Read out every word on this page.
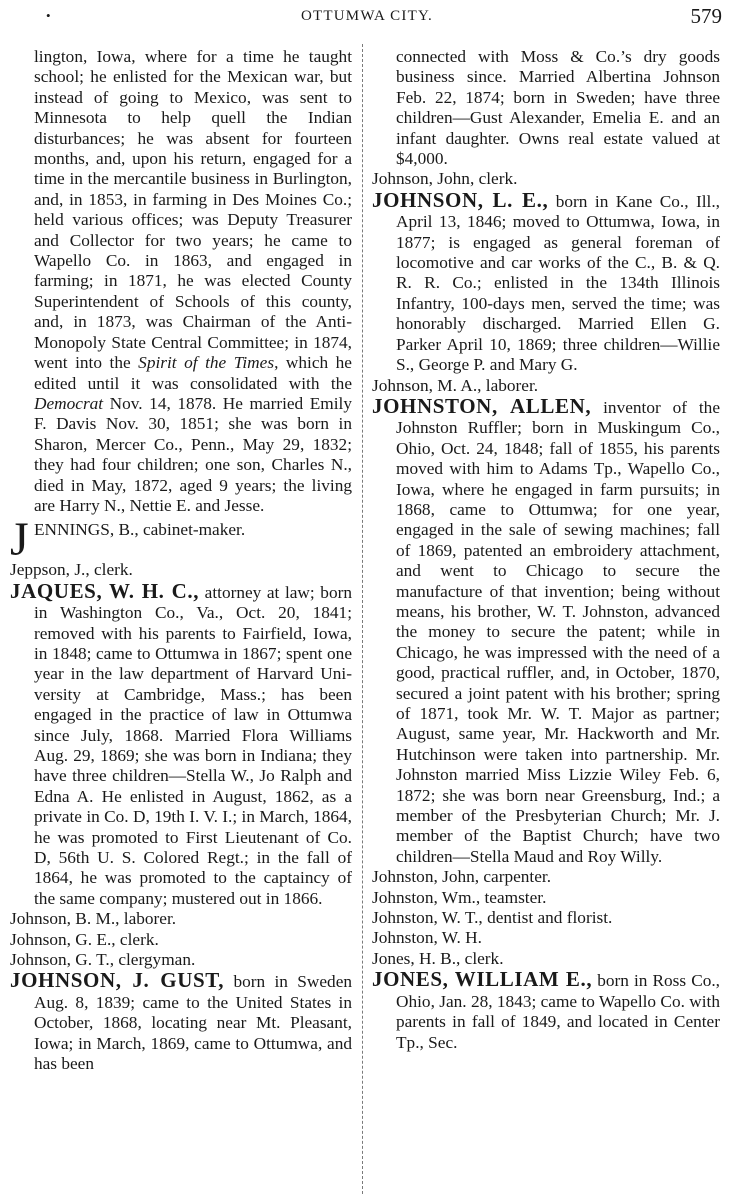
•	OTTUMWA CITY.	579

lington, Iowa, where for a time he taught school; he enlisted for the Mexican war, but instead of going to Mexico, was sent to Minnesota to help quell the Indian disturbances; he was absent for fourteen months, and, upon his return, engaged for a time in the mercantile business in Burlington, and, in 1853, in farming in Des Moines Co.; held various offices; was Deputy Treasurer and Collector for two years; he came to Wapello Co. in 1863, and engaged in farming; in 1871, he was elected County Superintendent of Schools of this county, and, in 1873, was Chairman of the Anti-Monopoly State Central Committee; in 1874, went into the Spirit of the Times, which he edited until it was consolidated with the Democrat Nov. 14, 1878. He married Emily F. Davis Nov. 30, 1851; she was born in Sharon, Mercer Co., Penn., May 29, 1832; they had four children; one son, Charles N., died in May, 1872, aged 9 years; the living are Harry N., Nettie E. and Jesse.

J ENNINGS, B., cabinet-maker.

Jeppson, J., clerk.

JAQUES, W. H. C., attorney at law; born in Washington Co., Va., Oct. 20, 1841; removed with his parents to Fairfield, Iowa, in 1848; came to Ottumwa in 1867; spent one year in the law department of Harvard University at Cambridge, Mass.; has been engaged in the practice of law in Ottumwa since July, 1868. Married Flora Williams Aug. 29, 1869; she was born in Indiana; they have three children—Stella W., Jo Ralph and Edna A. He enlisted in August, 1862, as a private in Co. D, 19th I. V. I.; in March, 1864, he was promoted to First Lieutenant of Co. D, 56th U. S. Colored Regt.; in the fall of 1864, he was promoted to the captaincy of the same company; mustered out in 1866.

Johnson, B. M., laborer.

Johnson, G. E., clerk.

Johnson, G. T., clergyman.

JOHNSON, J. GUST, born in Sweden Aug. 8, 1839; came to the United States in October, 1868, locating near Mt. Pleasant, Iowa; in March, 1869, came to Ottumwa, and has been

connected with Moss & Co.’s dry goods business since. Married Albertina Johnson Feb. 22, 1874; born in Sweden; have three children—Gust Alexander, Emelia E. and an infant daughter. Owns real estate valued at $4,000.

Johnson, John, clerk.

JOHNSON, L. E., born in Kane Co., Ill., April 13, 1846; moved to Ottumwa, Iowa, in 1877; is engaged as general foreman of locomotive and car works of the C., B. & Q. R. R. Co.; enlisted in the 134th Illinois Infantry, 100-days men, served the time; was honorably discharged. Married Ellen G. Parker April 10, 1869; three children—Willie S., George P. and Mary G.

Johnson, M. A., laborer.

JOHNSTON, ALLEN, inventor of the Johnston Ruffler; born in Muskingum Co., Ohio, Oct. 24, 1848; fall of 1855, his parents moved with him to Adams Tp., Wapello Co., Iowa, where he engaged in farm pursuits; in 1868, came to Ottumwa; for one year, engaged in the sale of sewing machines; fall of 1869, patented an embroidery attachment, and went to Chicago to secure the manufacture of that invention; being without means, his brother, W. T. Johnston, advanced the money to secure the patent; while in Chicago, he was impressed with the need of a good, practical ruffler, and, in October, 1870, secured a joint patent with his brother; spring of 1871, took Mr. W. T. Major as partner; August, same year, Mr. Hackworth and Mr. Hutchinson were taken into partnership. Mr. Johnston married Miss Lizzie Wiley Feb. 6, 1872; she was born near Greensburg, Ind.; a member of the Presbyterian Church; Mr. J. member of the Baptist Church; have two children—Stella Maud and Roy Willy.

Johnston, John, carpenter.

Johnston, Wm., teamster.

Johnston, W. T., dentist and florist.

Johnston, W. H.

Jones, H. B., clerk.

JONES, WILLIAM E., born in Ross Co., Ohio, Jan. 28, 1843; came to Wapello Co. with parents in fall of 1849, and located in Center Tp., Sec.
